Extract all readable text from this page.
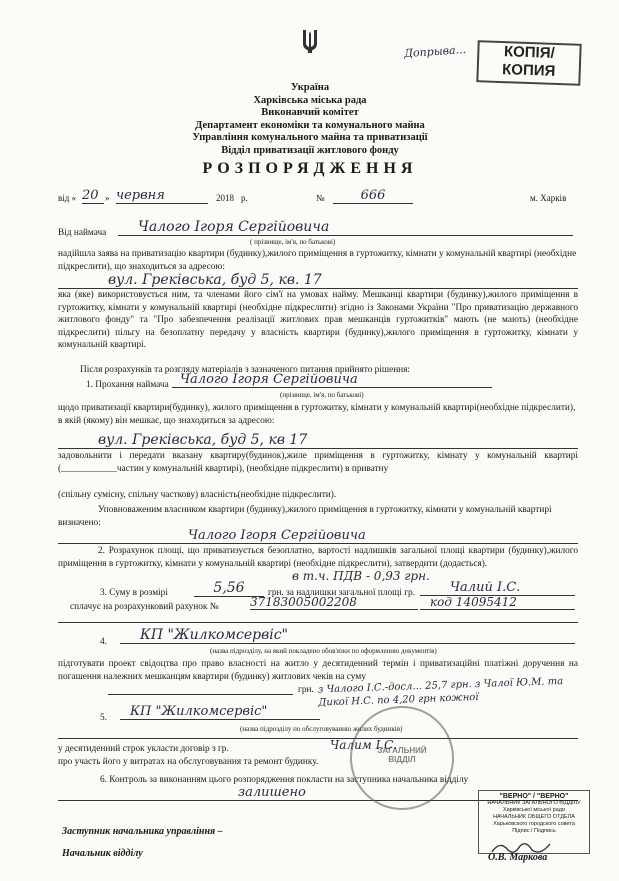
Допрыва...	КОПІЯ/
КОПИЯ
Україна
Харківська міська рада
Виконавчий комітет
Департамент економіки та комунального майна
Управління комунального майна та приватизації
Відділ приватизації житлового фонду
РОЗПОРЯДЖЕННЯ
від « 20 » червня	2018 р.	№	666	м. Харків
Від наймача	Чалого Ігоря Сергійовича
( прізвище, ім'я, по батькові)
надійшла заява на приватизацію квартири (будинку),жилого приміщення в гуртожитку, кімнати у комунальній квартирі (необхідне підкреслити), що знаходиться за адресою:
вул. Греківська, буд 5, кв. 17
яка (яке) використовується ним, та членами його сім'ї на умовах найму. Мешканці квартири (будинку),жилого приміщення в гуртожитку, кімнати у комунальній квартирі (необхідне підкреслити) згідно із Законами України "Про приватизацію державного житлового фонду" та "Про забезпечення реалізації житлових прав мешканців гуртожитків" мають (не мають) (необхідне підкреслити) пільгу на безоплатну передачу у власність квартири (будинку),жилого приміщення в гуртожитку, кімнати у комунальній квартирі.
Після розрахунків та розгляду матеріалів з зазначеного питання прийнято рішення:
1. Прохання наймача Чалого Ігоря Сергійовича
(прізвище, ім'я, по батькові)
щодо приватизації квартири(будинку), жилого приміщення в гуртожитку, кімнати у комунальній квартирі(необхідне підкреслити), в якій (якому) він мешкає, що знаходиться за адресою:
вул. Греківська, буд 5, кв 17
задовольнити і передати вказану квартиру(будинок),жиле приміщення в гуртожитку, кімнату у комунальній квартирі (____________частин у комунальній квартирі), (необхідне підкреслити) в приватну
(спільну сумісну, спільну часткову) власність(необхідне підкреслити).
Уповноваженим власником квартири (будинку),жилого приміщення в гуртожитку, кімнати у комунальній квартирі визначено:
Чалого Ігоря Сергійовича
2. Розрахунок площі, що приватизується безоплатно, вартості надлишків загальної площі квартири (будинку),жилого приміщення в гуртожитку, кімнати у комунальній квартирі (необхідне підкреслити), затвердити (додається).
в т.ч. ПДВ - 0,93 грн.
3. Суму в розмірі	5,56	грн. за надлишки загальної площі гр.	Чалий І.С.
сплачує на розрахунковий рахунок №	37183005002208	код 14095412
4.	КП "Жилкомсервіс"
(назва підрозділу, на який покладено обов'язки по оформленню документів)
підготувати проект свідоцтва про право власності на житло у десятиденний термін і приватизаційні платіжні доручення на погашення належних мешканцям квартири (будинку) житлових чеків на суму
грн. з Чалого І.С.-досл... 25,7 грн. з Чалої Ю.М. та Дикої Н.С. по 4,20 грн кожної
5.	КП "Жилкомсервіс"
(назва підрозділу по обслуговуванню жилих будинків)
у десятиденний строк укласти договір з гр.	Чалим І.С.
про участь його у витратах на обслуговування та ремонт будинку.
6. Контроль за виконанням цього розпорядження покласти на заступника начальника відділу
залишено
ЗАГАЛЬНИЙ ВІДДІЛ
"ВЕРНО" / "ВЕРНО"
НАЧАЛЬНИК ЗАГАЛЬНОГО ВІДДІЛУ
Харківської міської ради
НАЧАЛЬНИК ОБЩЕГО ОТДЕЛА
Харьковского городского совета
Підпис / Подпись
Заступник начальника управління –
Начальник відділу	О.В. Маркова
